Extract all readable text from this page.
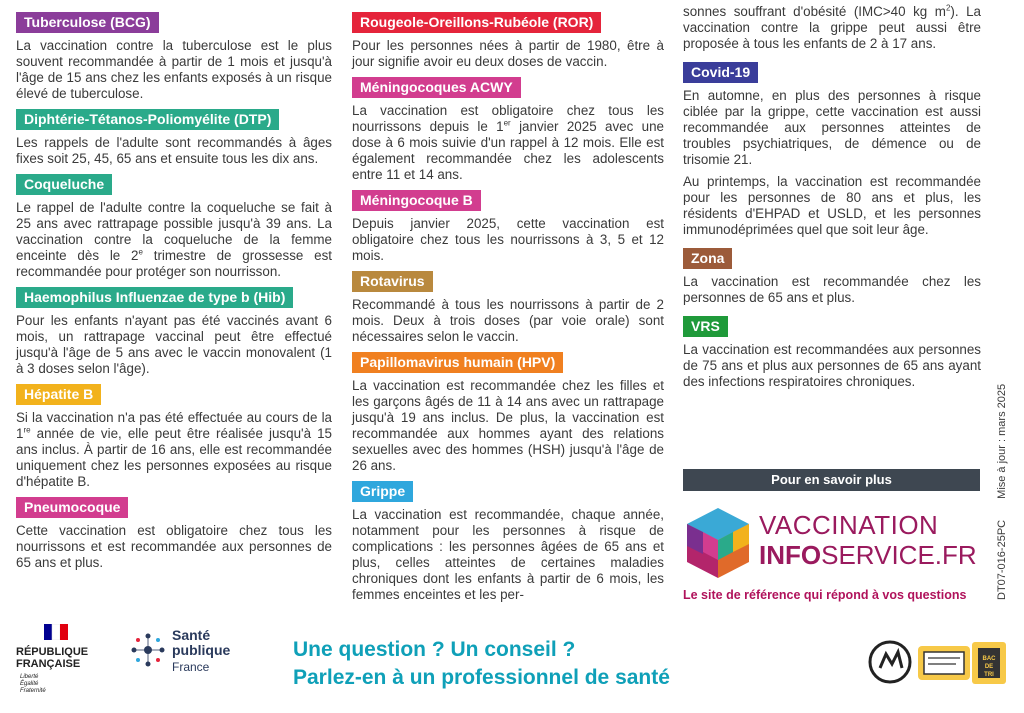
Tuberculose (BCG)

La vaccination contre la tuberculose est le plus souvent recommandée à partir de 1 mois et jusqu'à l'âge de 15 ans chez les enfants exposés à un risque élevé de tuberculose.

Diphtérie-Tétanos-Poliomyélite (DTP)

Les rappels de l'adulte sont recommandés à âges fixes soit 25, 45, 65 ans et ensuite tous les dix ans.

Coqueluche

Le rappel de l'adulte contre la coqueluche se fait à 25 ans avec rattrapage possible jusqu'à 39 ans. La vaccination contre la coqueluche de la femme enceinte dès le 2e trimestre de grossesse est recommandée pour protéger son nourrisson.

Haemophilus Influenzae de type b (Hib)

Pour les enfants n'ayant pas été vaccinés avant 6 mois, un rattrapage vaccinal peut être effectué jusqu'à l'âge de 5 ans avec le vaccin monovalent (1 à 3 doses selon l'âge).

Hépatite B

Si la vaccination n'a pas été effectuée au cours de la 1re année de vie, elle peut être réalisée jusqu'à 15 ans inclus. À partir de 16 ans, elle est recommandée uniquement chez les personnes exposées au risque d'hépatite B.

Pneumocoque

Cette vaccination est obligatoire chez tous les nourrissons et est recommandée aux personnes de 65 ans et plus.

Rougeole-Oreillons-Rubéole (ROR)

Pour les personnes nées à partir de 1980, être à jour signifie avoir eu deux doses de vaccin.

Méningocoques ACWY

La vaccination est obligatoire chez tous les nourrissons depuis le 1er janvier 2025 avec une dose à 6 mois suivie d'un rappel à 12 mois. Elle est également recommandée chez les adolescents entre 11 et 14 ans.

Méningocoque B

Depuis janvier 2025, cette vaccination est obligatoire chez tous les nourrissons à 3, 5 et 12 mois.

Rotavirus

Recommandé à tous les nourrissons à partir de 2 mois. Deux à trois doses (par voie orale) sont nécessaires selon le vaccin.

Papillomavirus humain (HPV)

La vaccination est recommandée chez les filles et les garçons âgés de 11 à 14 ans avec un rattrapage jusqu'à 19 ans inclus. De plus, la vaccination est recommandée aux hommes ayant des relations sexuelles avec des hommes (HSH) jusqu'à l'âge de 26 ans.

Grippe

La vaccination est recommandée, chaque année, notamment pour les personnes à risque de complications : les personnes âgées de 65 ans et plus, celles atteintes de certaines maladies chroniques dont les enfants à partir de 6 mois, les femmes enceintes et les per-

sonnes souffrant d'obésité (IMC>40 kg $m^2$). La vaccination contre la grippe peut aussi être proposée à tous les enfants de 2 à 17 ans.

Covid-19

En automne, en plus des personnes à risque ciblée par la grippe, cette vaccination est aussi recommandée aux personnes atteintes de troubles psychiatriques, de démence ou de trisomie 21.

Au printemps, la vaccination est recommandée pour les personnes de 80 ans et plus, les résidents d'EHPAD et USLD, et les personnes immunodéprimées quel que soit leur âge.

Zona

La vaccination est recommandée chez les personnes de 65 ans et plus.

VRS

La vaccination est recommandées aux personnes de 75 ans et plus aux personnes de 65 ans ayant des infections respiratoires chroniques.

Pour en savoir plus
VACCINATION
INFOSERVICE.FR
Le site de référence qui répond à vos questions	DT07-016-25PC Mise à jour : mars 2025
RÉPUBLIQUE
FRANÇAISE
Liberté
Égalité
Fraternité
Santé
publique
France
Une question ? Un conseil ?
Parlez-en à un professionnel de santé
BAC
DE
TRI
